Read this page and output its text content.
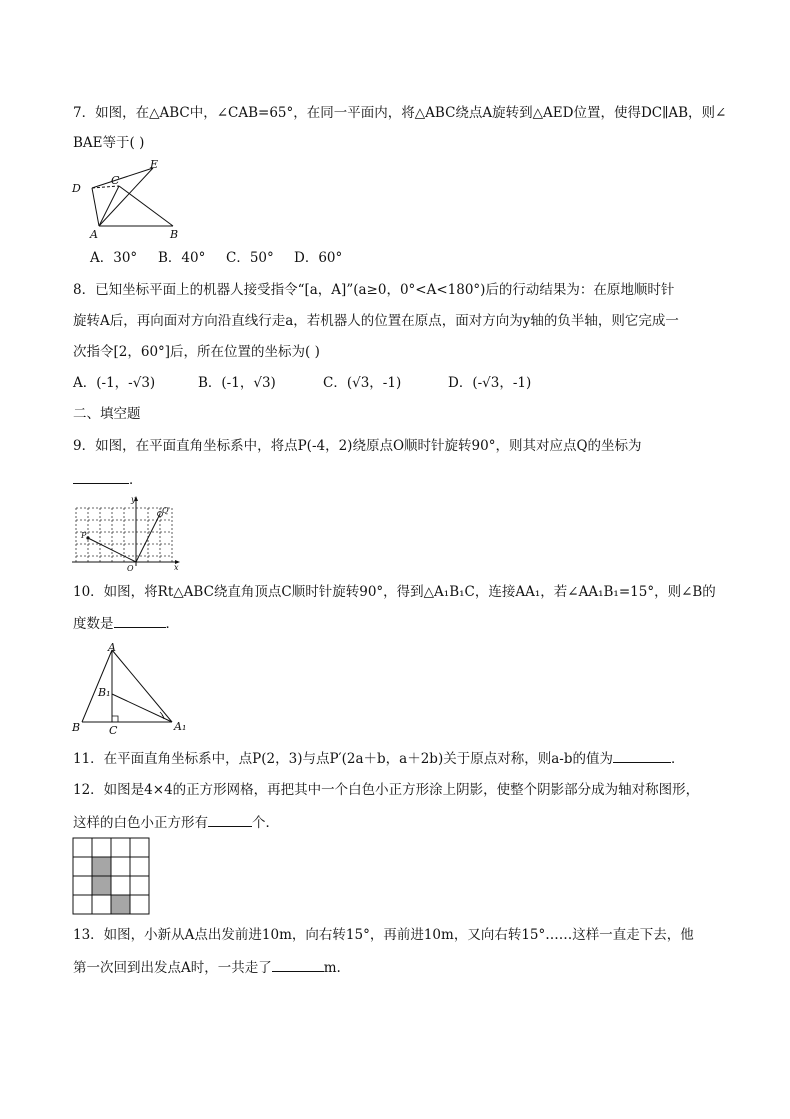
7．如图，在△ABC中，∠CAB=65°，在同一平面内，将△ABC绕点A旋转到△AED位置，使得DC∥AB，则∠
BAE等于( )
D
C
E
A	B
A．30° B．40° C．50° D．60°
8．已知坐标平面上的机器人接受指令“[a，A]”(a≥0，0°<A<180°)后的行动结果为：在原地顺时针
旋转A后，再向面对方向沿直线行走a，若机器人的位置在原点，面对方向为y轴的负半轴，则它完成一
次指令[2，60°]后，所在位置的坐标为( )
A．(-1，-√3)	B．(-1，√3)	C．(√3，-1)	D．(-√3，-1)
二、填空题
9．如图，在平面直角坐标系中，将点P(-4，2)绕原点O顺时针旋转90°，则其对应点Q的坐标为
．
y
x
O
P
Q
10．如图，将Rt△ABC绕直角顶点C顺时针旋转90°，得到△A₁B₁C，连接AA₁，若∠AA₁B₁=15°，则∠B的
度数是	．
A
B	C
B₁
A₁
11．在平面直角坐标系中，点P(2，3)与点P′(2a＋b，a＋2b)关于原点对称，则a-b的值为	．
12．如图是4×4的正方形网格，再把其中一个白色小正方形涂上阴影，使整个阴影部分成为轴对称图形，
这样的白色小正方形有	个．
13．如图，小新从A点出发前进10m，向右转15°，再前进10m，又向右转15°……这样一直走下去，他
第一次回到出发点A时，一共走了	m.
